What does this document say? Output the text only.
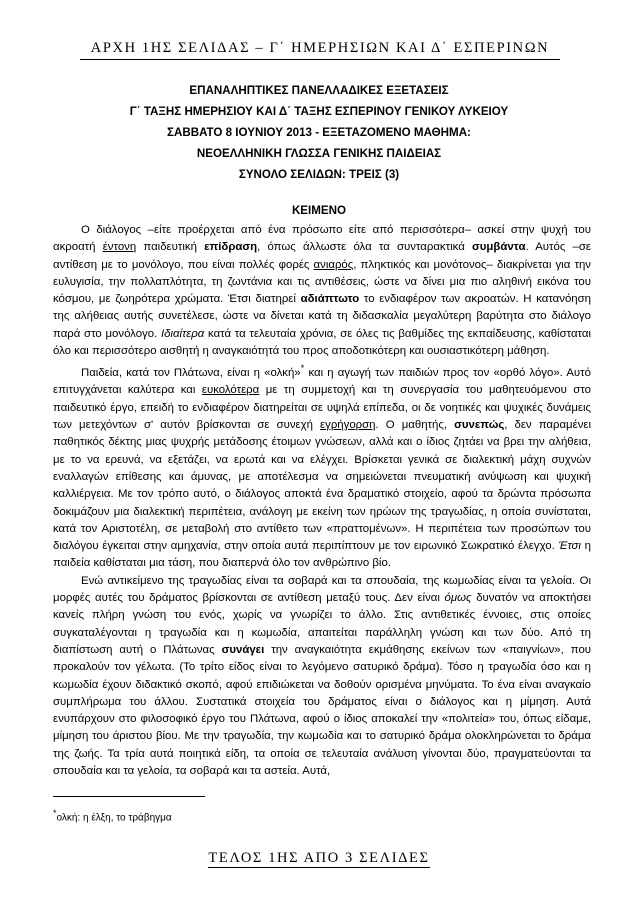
ΑΡΧΗ 1ΗΣ ΣΕΛΙΔΑΣ – Γ΄ ΗΜΕΡΗΣΙΩΝ ΚΑΙ Δ΄ ΕΣΠΕΡΙΝΩΝ
ΕΠΑΝΑΛΗΠΤΙΚΕΣ ΠΑΝΕΛΛΑΔΙΚΕΣ ΕΞΕΤΑΣΕΙΣ
Γ΄ ΤΑΞΗΣ ΗΜΕΡΗΣΙΟΥ ΚΑΙ Δ΄ ΤΑΞΗΣ ΕΣΠΕΡΙΝΟΥ ΓΕΝΙΚΟΥ ΛΥΚΕΙΟΥ
ΣΑΒΒΑΤΟ 8 ΙΟΥΝΙΟΥ 2013 - ΕΞΕΤΑΖΟΜΕΝΟ ΜΑΘΗΜΑ:
ΝΕΟΕΛΛΗΝΙΚΗ ΓΛΩΣΣΑ ΓΕΝΙΚΗΣ ΠΑΙΔΕΙΑΣ
ΣΥΝΟΛΟ ΣΕΛΙΔΩΝ: ΤΡΕΙΣ (3)
ΚΕΙΜΕΝΟ

Ο διάλογος –είτε προέρχεται από ένα πρόσωπο είτε από περισσότερα– ασκεί στην ψυχή του ακροατή έντονη παιδευτική επίδραση, όπως άλλωστε όλα τα συνταρακτικά συμβάντα. Αυτός –σε αντίθεση με το μονόλογο, που είναι πολλές φορές ανιαρός, πληκτικός και μονότονος– διακρίνεται για την ευλυγισία, την πολλαπλότητα, τη ζωντάνια και τις αντιθέσεις, ώστε να δίνει μια πιο αληθινή εικόνα του κόσμου, με ζωηρότερα χρώματα. Έτσι διατηρεί αδιάπτωτο το ενδιαφέρον των ακροατών. Η κατανόηση της αλήθειας αυτής συνετέλεσε, ώστε να δίνεται κατά τη διδασκαλία μεγαλύτερη βαρύτητα στο διάλογο παρά στο μονόλογο. Ιδιαίτερα κατά τα τελευταία χρόνια, σε όλες τις βαθμίδες της εκπαίδευσης, καθίσταται όλο και περισσότερο αισθητή η αναγκαιότητά του προς αποδοτικότερη και ουσιαστικότερη μάθηση.

Παιδεία, κατά τον Πλάτωνα, είναι η «ολκή»* και η αγωγή των παιδιών προς τον «ορθό λόγο». Αυτό επιτυγχάνεται καλύτερα και ευκολότερα με τη συμμετοχή και τη συνεργασία του μαθητευόμενου στο παιδευτικό έργο, επειδή το ενδιαφέρον διατηρείται σε υψηλά επίπεδα, οι δε νοητικές και ψυχικές δυνάμεις των μετεχόντων σ' αυτόν βρίσκονται σε συνεχή εγρήγορση. Ο μαθητής, συνεπώς, δεν παραμένει παθητικός δέκτης μιας ψυχρής μετάδοσης έτοιμων γνώσεων, αλλά και ο ίδιος ζητάει να βρει την αλήθεια, με το να ερευνά, να εξετάζει, να ερωτά και να ελέγχει. Βρίσκεται γενικά σε διαλεκτική μάχη συχνών εναλλαγών επίθεσης και άμυνας, με αποτέλεσμα να σημειώνεται πνευματική ανύψωση και ψυχική καλλιέργεια. Με τον τρόπο αυτό, ο διάλογος αποκτά ένα δραματικό στοιχείο, αφού τα δρώντα πρόσωπα δοκιμάζουν μια διαλεκτική περιπέτεια, ανάλογη με εκείνη των ηρώων της τραγωδίας, η οποία συνίσταται, κατά τον Αριστοτέλη, σε μεταβολή στο αντίθετο των «πραττομένων». Η περιπέτεια των προσώπων του διαλόγου έγκειται στην αμηχανία, στην οποία αυτά περιπίπτουν με τον ειρωνικό Σωκρατικό έλεγχο. Έτσι η παιδεία καθίσταται μια τάση, που διαπερνά όλο τον ανθρώπινο βίο.

Ενώ αντικείμενο της τραγωδίας είναι τα σοβαρά και τα σπουδαία, της κωμωδίας είναι τα γελοία. Οι μορφές αυτές του δράματος βρίσκονται σε αντίθεση μεταξύ τους. Δεν είναι όμως δυνατόν να αποκτήσει κανείς πλήρη γνώση του ενός, χωρίς να γνωρίζει το άλλο. Στις αντιθετικές έννοιες, στις οποίες συγκαταλέγονται η τραγωδία και η κωμωδία, απαιτείται παράλληλη γνώση και των δύο. Από τη διαπίστωση αυτή ο Πλάτωνας συνάγει την αναγκαιότητα εκμάθησης εκείνων των «παιγνίων», που προκαλούν τον γέλωτα. (Το τρίτο είδος είναι το λεγόμενο σατυρικό δράμα). Τόσο η τραγωδία όσο και η κωμωδία έχουν διδακτικό σκοπό, αφού επιδιώκεται να δοθούν ορισμένα μηνύματα. Το ένα είναι αναγκαίο συμπλήρωμα του άλλου. Συστατικά στοιχεία του δράματος είναι ο διάλογος και η μίμηση. Αυτά ενυπάρχουν στο φιλοσοφικό έργο του Πλάτωνα, αφού ο ίδιος αποκαλεί την «πολιτεία» του, όπως είδαμε, μίμηση του άριστου βίου. Με την τραγωδία, την κωμωδία και το σατυρικό δράμα ολοκληρώνεται το δράμα της ζωής. Τα τρία αυτά ποιητικά είδη, τα οποία σε τελευταία ανάλυση γίνονται δύο, πραγματεύονται τα σπουδαία και τα γελοία, τα σοβαρά και τα αστεία. Αυτά,

*ολκή: η έλξη, το τράβηγμα
ΤΕΛΟΣ 1ΗΣ ΑΠΟ 3 ΣΕΛΙΔΕΣ
